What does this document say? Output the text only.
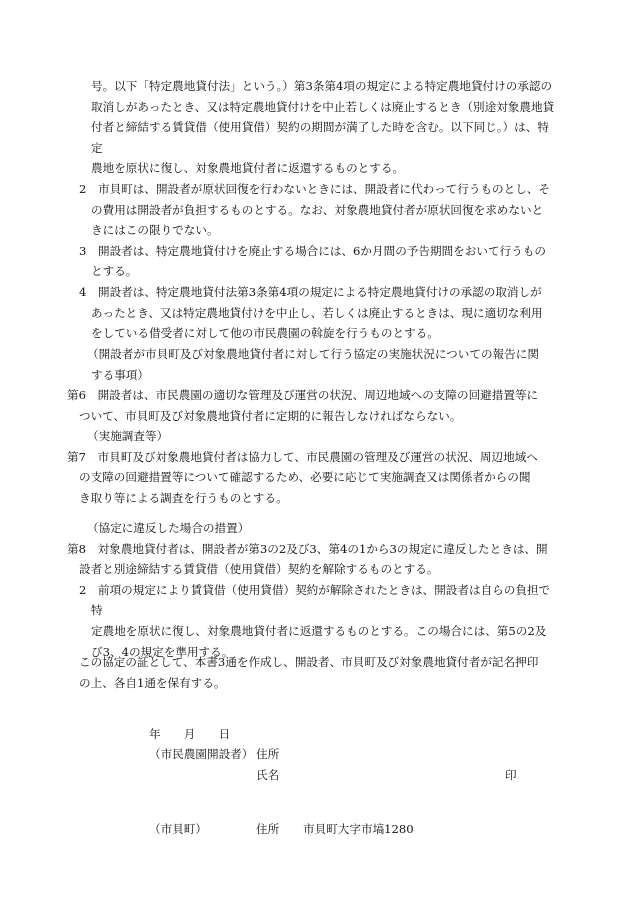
号。以下「特定農地貸付法」という。）第3条第4項の規定による特定農地貸付けの承認の
取消しがあったとき、又は特定農地貸付けを中止若しくは廃止するとき（別途対象農地貸
付者と締結する賃貸借（使用貸借）契約の期間が満了した時を含む。以下同じ。）は、特定
農地を原状に復し、対象農地貸付者に返還するものとする。

2　市貝町は、開設者が原状回復を行わないときには、開設者に代わって行うものとし、そ
の費用は開設者が負担するものとする。なお、対象農地貸付者が原状回復を求めないと
きにはこの限りでない。

3　開設者は、特定農地貸付けを廃止する場合には、6か月間の予告期間をおいて行うもの
とする。

4　開設者は、特定農地貸付法第3条第4項の規定による特定農地貸付けの承認の取消しが
あったとき、又は特定農地貸付けを中止し、若しくは廃止するときは、現に適切な利用
をしている借受者に対して他の市民農園の斡旋を行うものとする。

（開設者が市貝町及び対象農地貸付者に対して行う協定の実施状況についての報告に関
する事項）

第6　開設者は、市民農園の適切な管理及び運営の状況、周辺地域への支障の回避措置等に
ついて、市貝町及び対象農地貸付者に定期的に報告しなければならない。

（実施調査等）

第7　市貝町及び対象農地貸付者は協力して、市民農園の管理及び運営の状況、周辺地域へ
の支障の回避措置等について確認するため、必要に応じて実施調査又は関係者からの聞
き取り等による調査を行うものとする。

（協定に違反した場合の措置）

第8　対象農地貸付者は、開設者が第3の2及び3、第4の1から3の規定に違反したときは、開
設者と別途締結する賃貸借（使用貸借）契約を解除するものとする。

2　前項の規定により賃貸借（使用貸借）契約が解除されたときは、開設者は自らの負担で特
定農地を原状に復し、対象農地貸付者に返還するものとする。この場合には、第5の2及
び3、4の規定を準用する。

この協定の証として、本書3通を作成し、開設者、市貝町及び対象農地貸付者が記名押印
の上、各自1通を保有する。

年　　月　　日
（市民農園開設者） 住所
氏名	印
（市貝町）	住所 市貝町大字市塙1280
